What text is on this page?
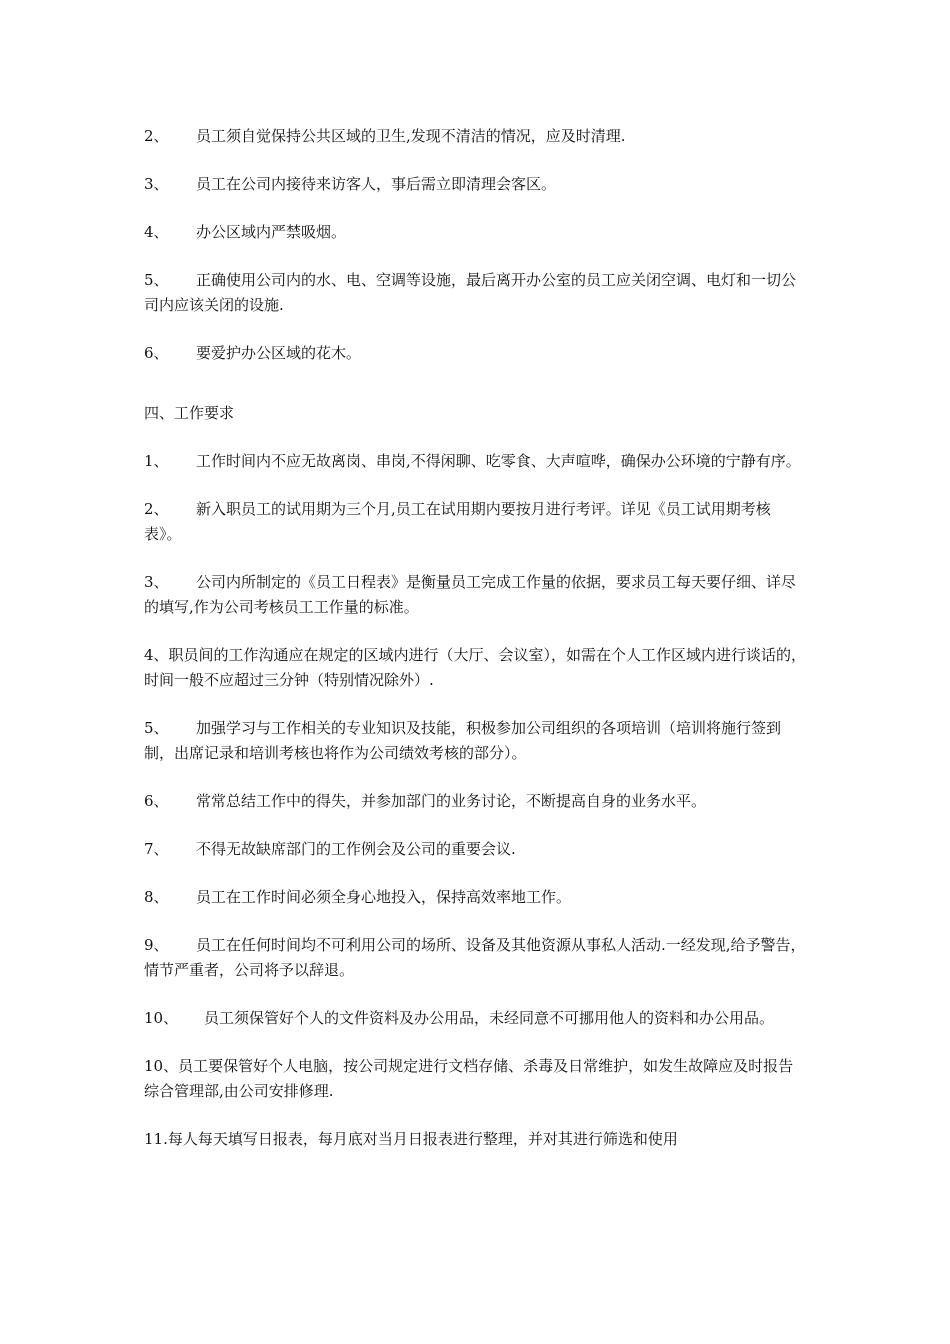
2、 员工须自觉保持公共区域的卫生,发现不清洁的情况，应及时清理.

3、 员工在公司内接待来访客人，事后需立即清理会客区。

4、 办公区域内严禁吸烟。

5、 正确使用公司内的水、电、空调等设施，最后离开办公室的员工应关闭空调、电灯和一切公司内应该关闭的设施.

6、 要爱护办公区域的花木。

四、工作要求

1、 工作时间内不应无故离岗、串岗,不得闲聊、吃零食、大声喧哗，确保办公环境的宁静有序。

2、 新入职员工的试用期为三个月,员工在试用期内要按月进行考评。详见《员工试用期考核表》。

3、 公司内所制定的《员工日程表》是衡量员工完成工作量的依据，要求员工每天要仔细、详尽的填写,作为公司考核员工工作量的标准。

4、职员间的工作沟通应在规定的区域内进行（大厅、会议室），如需在个人工作区域内进行谈话的，时间一般不应超过三分钟（特别情况除外）.

5、 加强学习与工作相关的专业知识及技能，积极参加公司组织的各项培训（培训将施行签到制，出席记录和培训考核也将作为公司绩效考核的部分）。

6、 常常总结工作中的得失，并参加部门的业务讨论，不断提高自身的业务水平。

7、 不得无故缺席部门的工作例会及公司的重要会议.

8、 员工在工作时间必须全身心地投入，保持高效率地工作。

9、 员工在任何时间均不可利用公司的场所、设备及其他资源从事私人活动.一经发现,给予警告，情节严重者，公司将予以辞退。

10、 员工须保管好个人的文件资料及办公用品，未经同意不可挪用他人的资料和办公用品。

10、员工要保管好个人电脑，按公司规定进行文档存储、杀毒及日常维护，如发生故障应及时报告综合管理部,由公司安排修理.

11.每人每天填写日报表，每月底对当月日报表进行整理，并对其进行筛选和使用
